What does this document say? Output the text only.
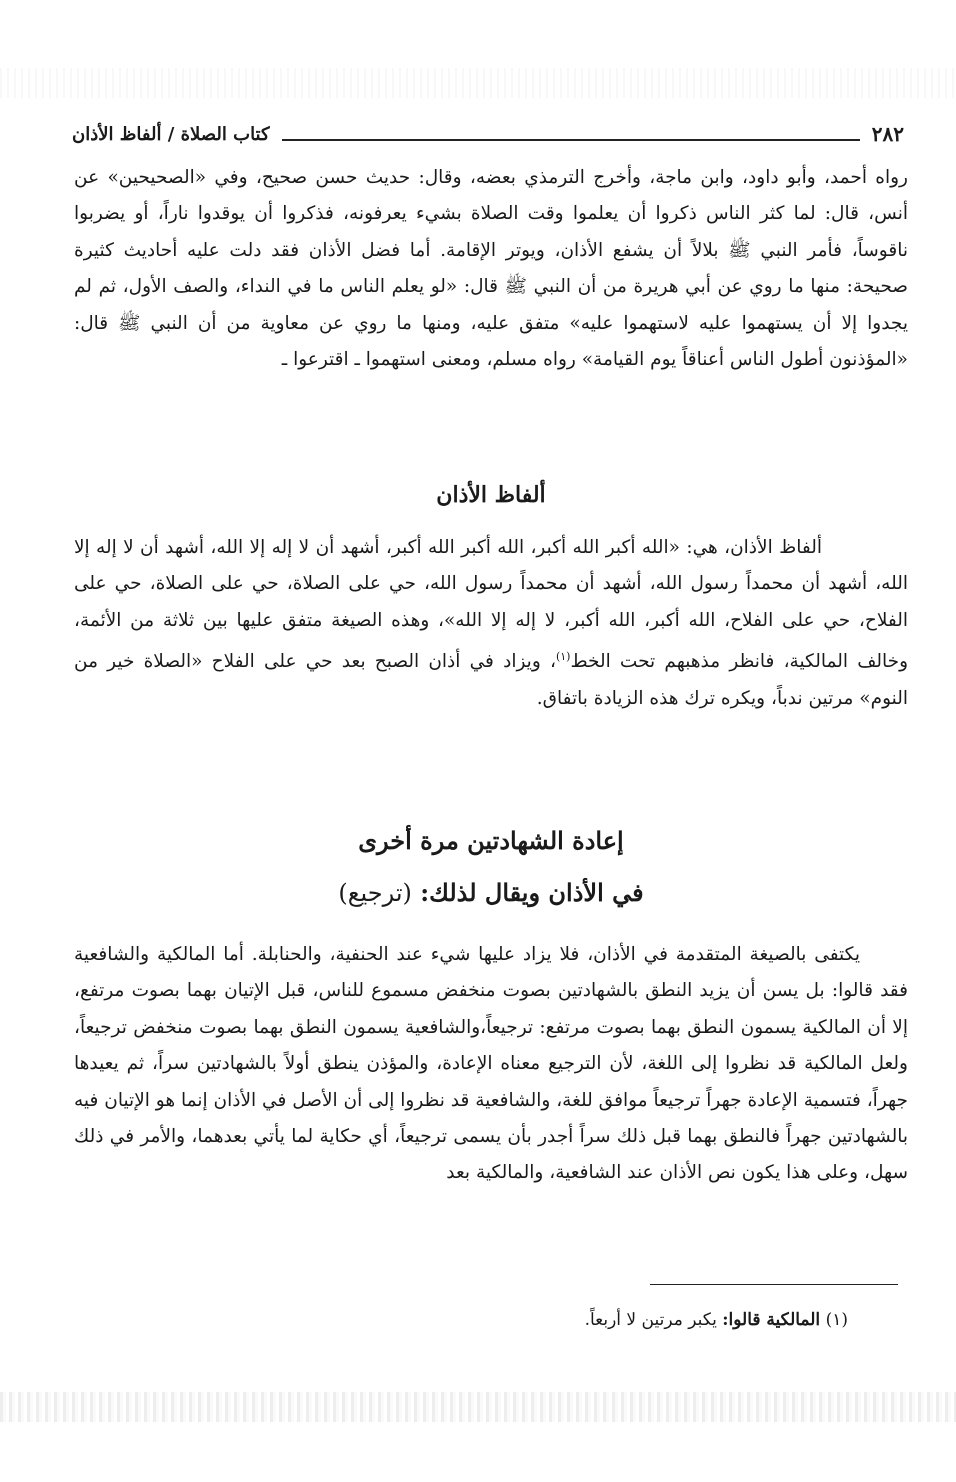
٢٨٢
كتاب الصلاة / ألفاظ الأذان

رواه أحمد، وأبو داود، وابن ماجة، وأخرج الترمذي بعضه، وقال: حديث حسن صحيح، وفي «الصحيحين» عن أنس، قال: لما كثر الناس ذكروا أن يعلموا وقت الصلاة بشيء يعرفونه، فذكروا أن يوقدوا ناراً، أو يضربوا ناقوساً، فأمر النبي ﷺ بلالاً أن يشفع الأذان، ويوتر الإقامة. أما فضل الأذان فقد دلت عليه أحاديث كثيرة صحيحة: منها ما روي عن أبي هريرة من أن النبي ﷺ قال: «لو يعلم الناس ما في النداء، والصف الأول، ثم لم يجدوا إلا أن يستهموا عليه لاستهموا عليه» متفق عليه، ومنها ما روي عن معاوية من أن النبي ﷺ قال: «المؤذنون أطول الناس أعناقاً يوم القيامة» رواه مسلم، ومعنى استهموا ـ اقترعوا ـ

ألفاظ الأذان

ألفاظ الأذان، هي: «الله أكبر الله أكبر، الله أكبر الله أكبر، أشهد أن لا إله إلا الله، أشهد أن لا إله إلا الله، أشهد أن محمداً رسول الله، أشهد أن محمداً رسول الله، حي على الصلاة، حي على الصلاة، حي على الفلاح، حي على الفلاح، الله أكبر، الله أكبر، لا إله إلا الله»، وهذه الصيغة متفق عليها بين ثلاثة من الأئمة، وخالف المالكية، فانظر مذهبهم تحت الخط$^{(١)}$، ويزاد في أذان الصبح بعد حي على الفلاح «الصلاة خير من النوم» مرتين ندباً، ويكره ترك هذه الزيادة باتفاق.

إعادة الشهادتين مرة أخرى
في الأذان ويقال لذلك: (ترجيع)

يكتفى بالصيغة المتقدمة في الأذان، فلا يزاد عليها شيء عند الحنفية، والحنابلة. أما المالكية والشافعية فقد قالوا: بل يسن أن يزيد النطق بالشهادتين بصوت منخفض مسموع للناس، قبل الإتيان بهما بصوت مرتفع، إلا أن المالكية يسمون النطق بهما بصوت مرتفع: ترجيعاً،والشافعية يسمون النطق بهما بصوت منخفض ترجيعاً، ولعل المالكية قد نظروا إلى اللغة، لأن الترجيع معناه الإعادة، والمؤذن ينطق أولاً بالشهادتين سراً، ثم يعيدها جهراً، فتسمية الإعادة جهراً ترجيعاً موافق للغة، والشافعية قد نظروا إلى أن الأصل في الأذان إنما هو الإتيان فيه بالشهادتين جهراً فالنطق بهما قبل ذلك سراً أجدر بأن يسمى ترجيعاً، أي حكاية لما يأتي بعدهما، والأمر في ذلك سهل، وعلى هذا يكون نص الأذان عند الشافعية، والمالكية بعد

(١) المالكية قالوا: يكبر مرتين لا أربعاً.
